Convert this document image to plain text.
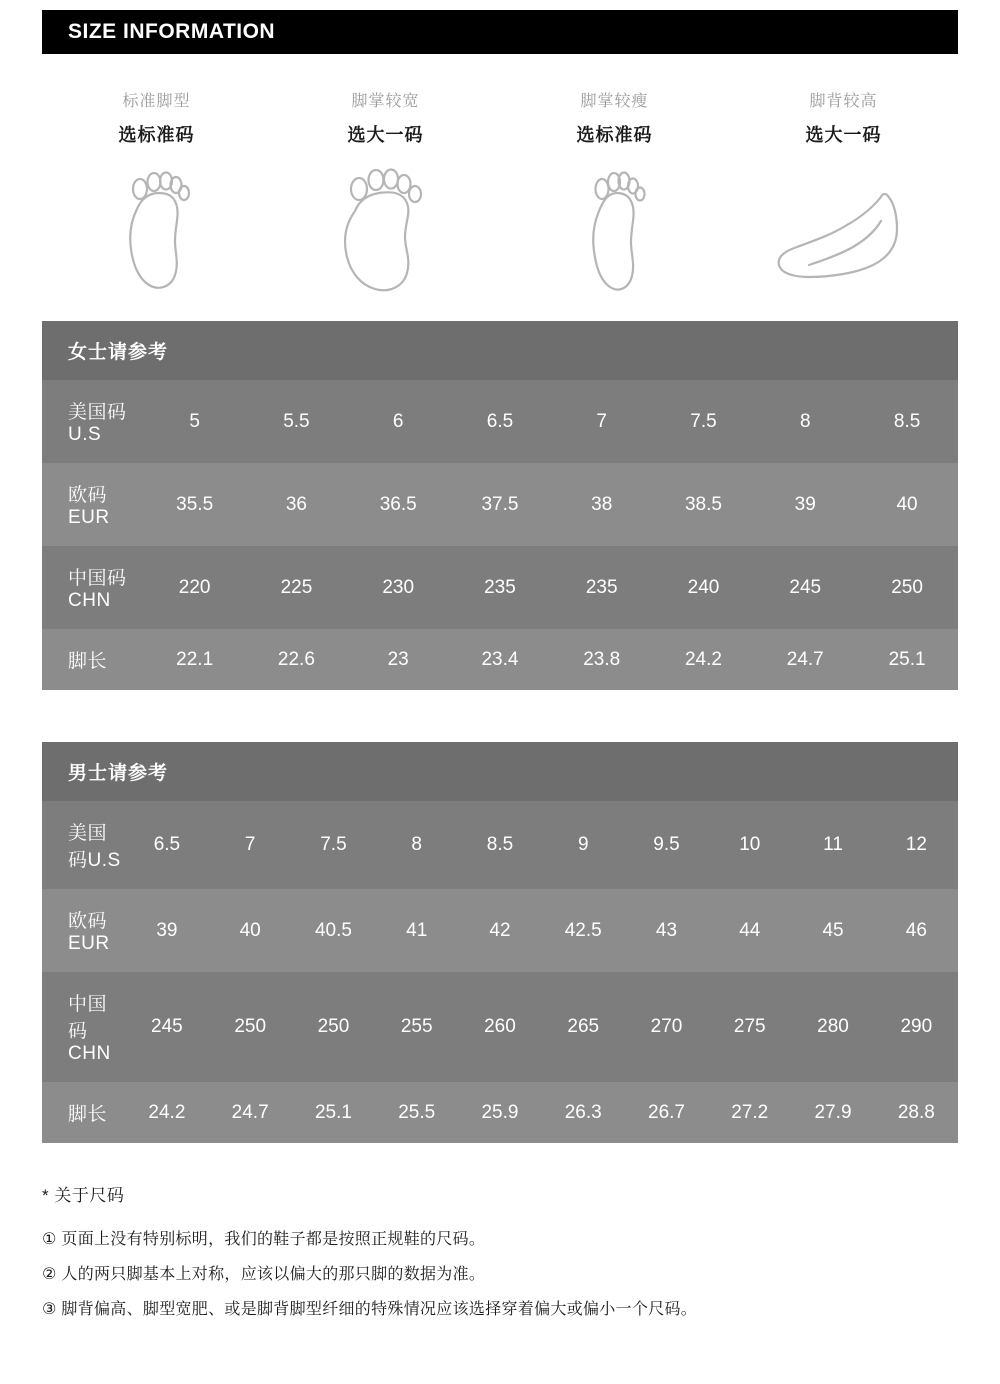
SIZE INFORMATION
标准脚型
选标准码
脚掌较宽
选大一码
脚掌较瘦
选标准码
脚背较高
选大一码
女士请参考								
美国码U.S	5	5.5	6	6.5	7	7.5	8	8.5
欧码 EUR	35.5	36	36.5	37.5	38	38.5	39	40
中国码 CHN	220	225	230	235	235	240	245	250
脚长	22.1	22.6	23	23.4	23.8	24.2	24.7	25.1
男士请参考										
美国码U.S	6.5	7	7.5	8	8.5	9	9.5	10	11	12
欧码 EUR	39	40	40.5	41	42	42.5	43	44	45	46
中国码 CHN	245	250	250	255	260	265	270	275	280	290
脚长	24.2	24.7	25.1	25.5	25.9	26.3	26.7	27.2	27.9	28.8
* 关于尺码
① 页面上没有特别标明，我们的鞋子都是按照正规鞋的尺码。
② 人的两只脚基本上对称，应该以偏大的那只脚的数据为准。
③ 脚背偏高、脚型宽肥、或是脚背脚型纤细的特殊情况应该选择穿着偏大或偏小一个尺码。
